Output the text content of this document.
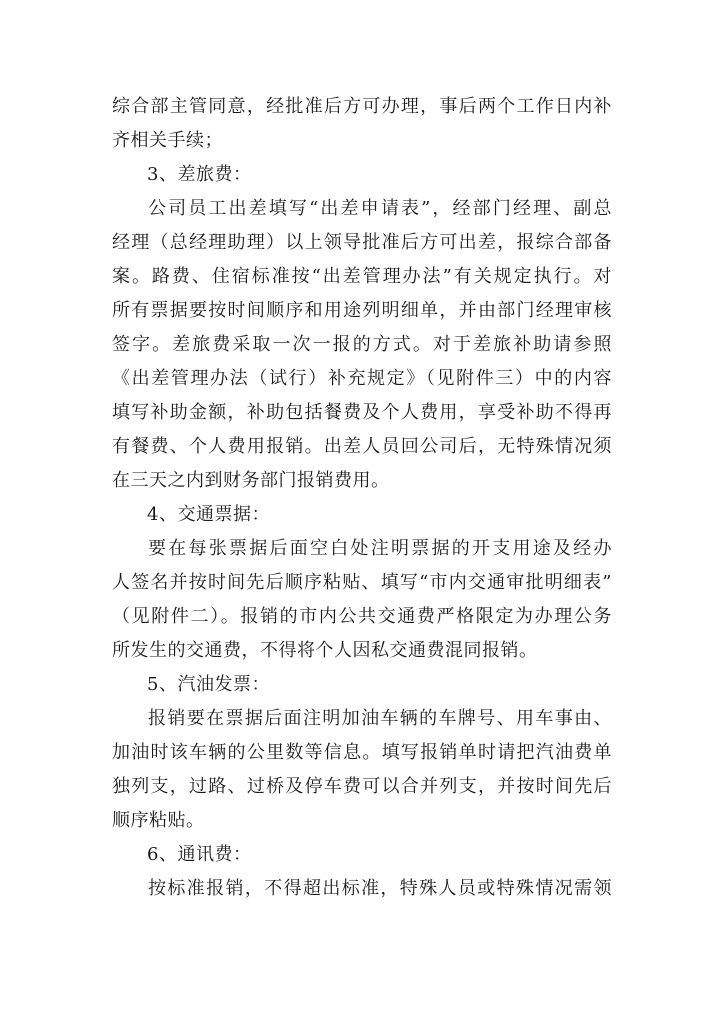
综合部主管同意，经批准后方可办理，事后两个工作日内补
齐相关手续；
3、差旅费：
公司员工出差填写“出差申请表”，经部门经理、副总
经理（总经理助理）以上领导批准后方可出差，报综合部备
案。路费、住宿标准按“出差管理办法”有关规定执行。对
所有票据要按时间顺序和用途列明细单，并由部门经理审核
签字。差旅费采取一次一报的方式。对于差旅补助请参照
《出差管理办法（试行）补充规定》（见附件三）中的内容
填写补助金额，补助包括餐费及个人费用，享受补助不得再
有餐费、个人费用报销。出差人员回公司后，无特殊情况须
在三天之内到财务部门报销费用。
4、交通票据：
要在每张票据后面空白处注明票据的开支用途及经办
人签名并按时间先后顺序粘贴、填写“市内交通审批明细表”
（见附件二）。报销的市内公共交通费严格限定为办理公务
所发生的交通费，不得将个人因私交通费混同报销。
5、汽油发票：
报销要在票据后面注明加油车辆的车牌号、用车事由、
加油时该车辆的公里数等信息。填写报销单时请把汽油费单
独列支，过路、过桥及停车费可以合并列支，并按时间先后
顺序粘贴。
6、通讯费：
按标准报销，不得超出标准，特殊人员或特殊情况需领
